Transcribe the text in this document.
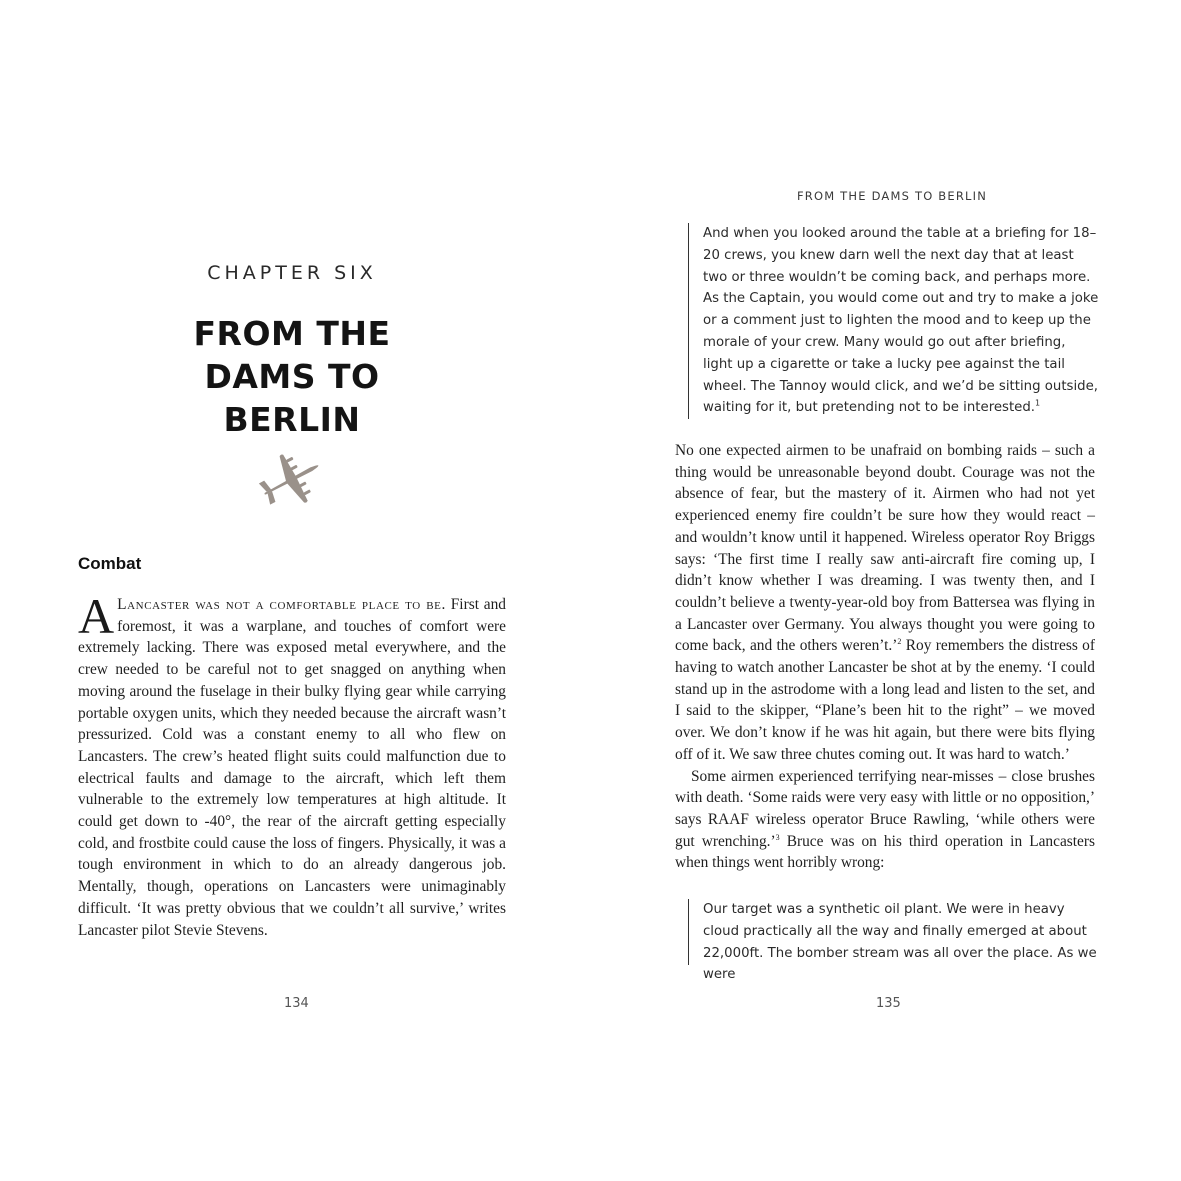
CHAPTER SIX
FROM THE DAMS TO BERLIN
Combat

A Lancaster was not a comfortable place to be. First and foremost, it was a warplane, and touches of comfort were extremely lacking. There was exposed metal everywhere, and the crew needed to be careful not to get snagged on anything when moving around the fuselage in their bulky flying gear while carrying portable oxygen units, which they needed because the aircraft wasn’t pressurized. Cold was a constant enemy to all who flew on Lancasters. The crew’s heated flight suits could malfunction due to electrical faults and damage to the aircraft, which left them vulnerable to the extremely low temperatures at high altitude. It could get down to -40°, the rear of the aircraft getting especially cold, and frostbite could cause the loss of fingers. Physically, it was a tough environment in which to do an already dangerous job. Mentally, though, operations on Lancasters were unimaginably difficult. ‘It was pretty obvious that we couldn’t all survive,’ writes Lancaster pilot Stevie Stevens.

134
FROM THE DAMS TO BERLIN

And when you looked around the table at a briefing for 18–20 crews, you knew darn well the next day that at least two or three wouldn’t be coming back, and perhaps more. As the Captain, you would come out and try to make a joke or a comment just to lighten the mood and to keep up the morale of your crew. Many would go out after briefing, light up a cigarette or take a lucky pee against the tail wheel. The Tannoy would click, and we’d be sitting outside, waiting for it, but pretending not to be interested.$^1$

No one expected airmen to be unafraid on bombing raids – such a thing would be unreasonable beyond doubt. Courage was not the absence of fear, but the mastery of it. Airmen who had not yet experienced enemy fire couldn’t be sure how they would react – and wouldn’t know until it happened. Wireless operator Roy Briggs says: ‘The first time I really saw anti-aircraft fire coming up, I didn’t know whether I was dreaming. I was twenty then, and I couldn’t believe a twenty-year-old boy from Battersea was flying in a Lancaster over Germany. You always thought you were going to come back, and the others weren’t.’$^2$ Roy remembers the distress of having to watch another Lancaster be shot at by the enemy. ‘I could stand up in the astrodome with a long lead and listen to the set, and I said to the skipper, “Plane’s been hit to the right” – we moved over. We don’t know if he was hit again, but there were bits flying off of it. We saw three chutes coming out. It was hard to watch.’

Some airmen experienced terrifying near-misses – close brushes with death. ‘Some raids were very easy with little or no opposition,’ says RAAF wireless operator Bruce Rawling, ‘while others were gut wrenching.’$^3$ Bruce was on his third operation in Lancasters when things went horribly wrong:

Our target was a synthetic oil plant. We were in heavy cloud practically all the way and finally emerged at about 22,000ft. The bomber stream was all over the place. As we were

135
